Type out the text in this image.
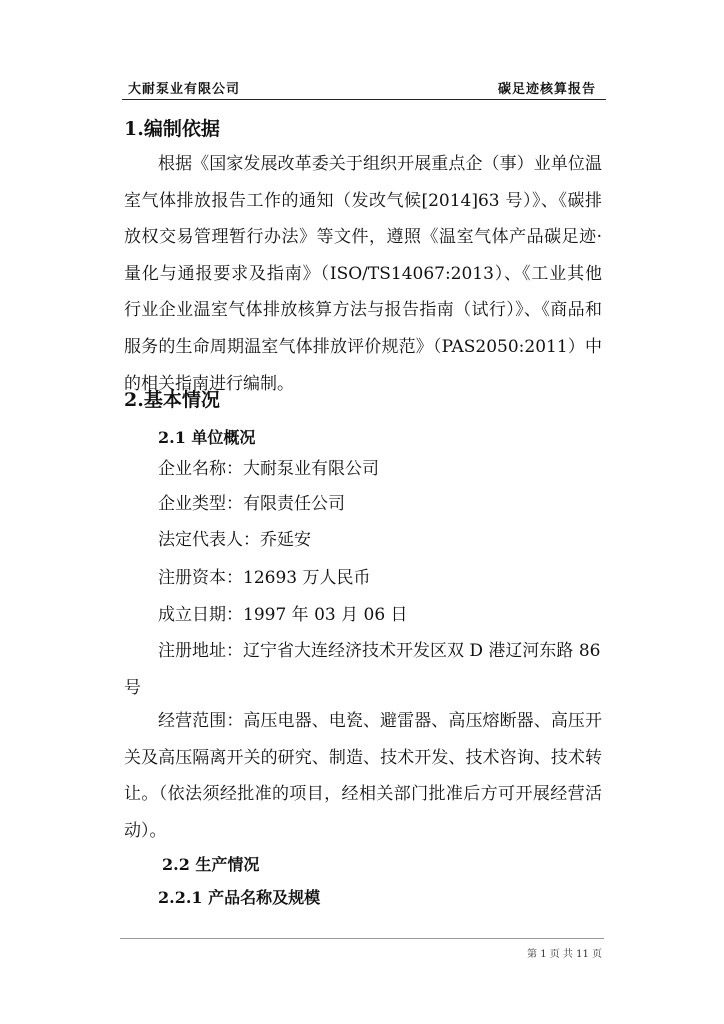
大耐泵业有限公司	碳足迹核算报告
1.编制依据

根据《国家发展改革委关于组织开展重点企（事）业单位温室气体排放报告工作的通知（发改气候[2014]63 号）》、《碳排放权交易管理暂行办法》等文件，遵照《温室气体产品碳足迹·量化与通报要求及指南》（ISO/TS14067:2013）、《工业其他行业企业温室气体排放核算方法与报告指南（试行）》、《商品和服务的生命周期温室气体排放评价规范》（PAS2050:2011）中的相关指南进行编制。

2.基本情况
2.1 单位概况
企业名称：大耐泵业有限公司
企业类型：有限责任公司
法定代表人：乔延安
注册资本：12693 万人民币
成立日期：1997 年 03 月 06 日
注册地址：辽宁省大连经济技术开发区双 D 港辽河东路 86
号

经营范围：高压电器、电瓷、避雷器、高压熔断器、高压开关及高压隔离开关的研究、制造、技术开发、技术咨询、技术转让。（依法须经批准的项目，经相关部门批准后方可开展经营活动）。

2.2 生产情况
2.2.1 产品名称及规模
第 1 页 共 11 页
